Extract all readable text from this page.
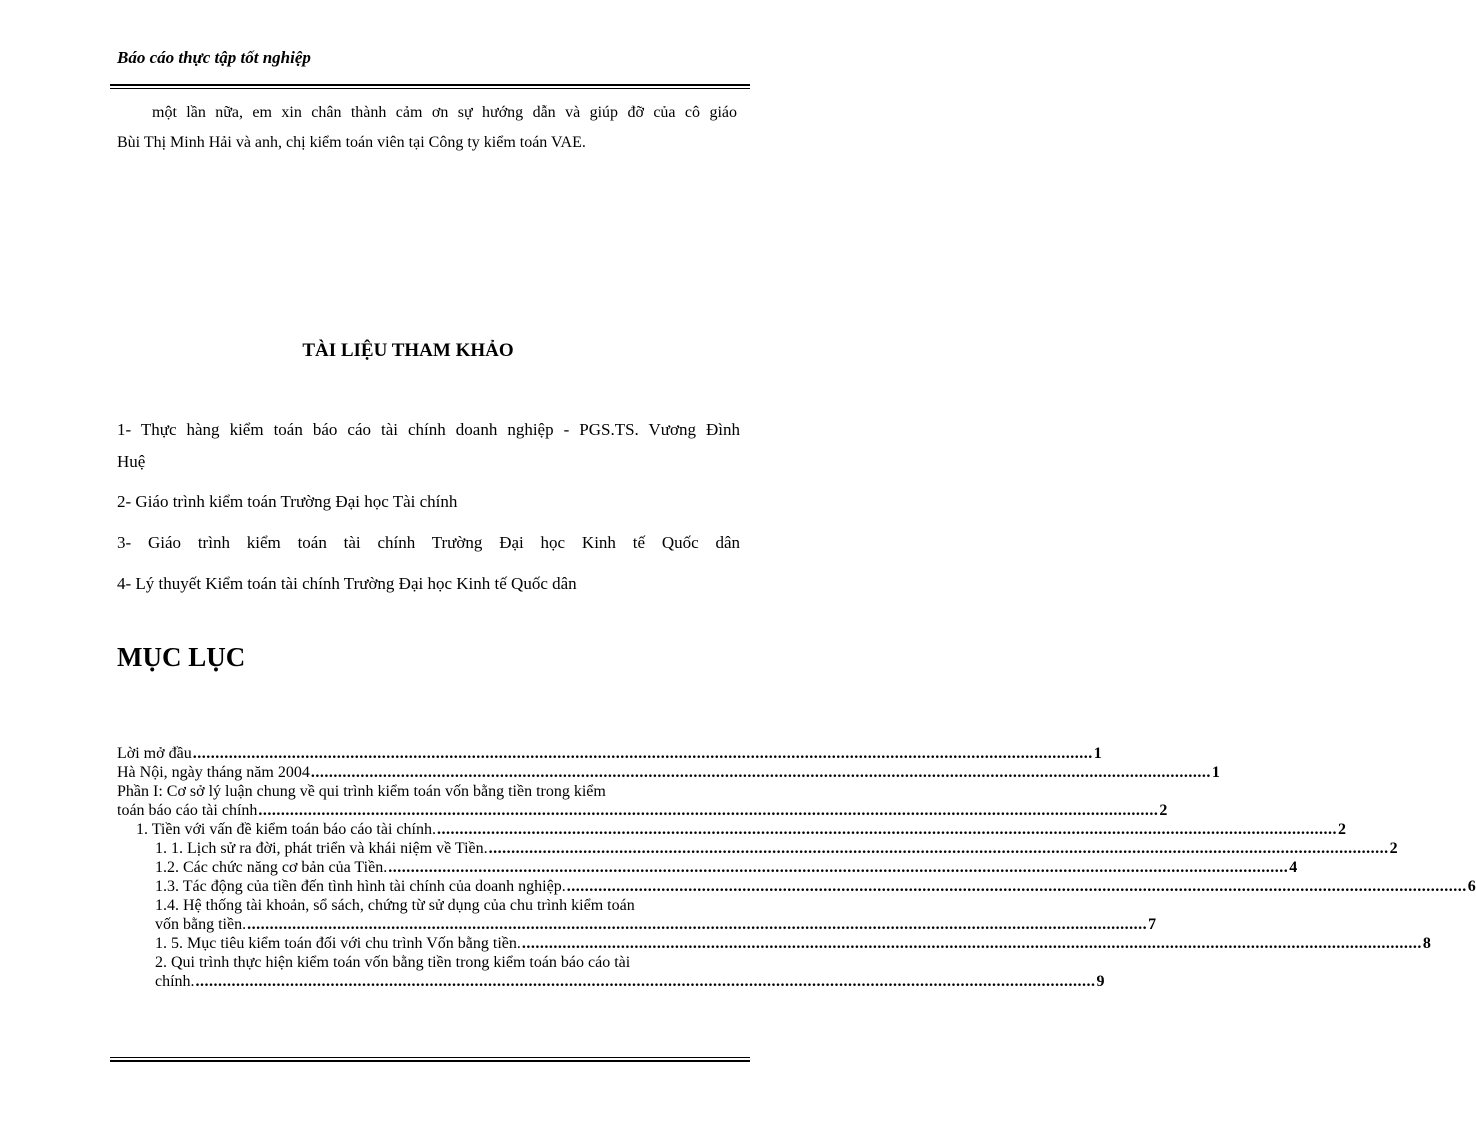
Báo cáo thực tập tốt nghiệp
một lần nữa, em xin chân thành cảm ơn sự hướng dẫn và giúp đỡ của cô giáo
Bùi Thị Minh Hải và anh, chị kiểm toán viên tại Công ty kiểm toán VAE.
TÀI LIỆU THAM KHẢO
1- Thực hàng kiểm toán báo cáo tài chính doanh nghiệp - PGS.TS. Vương Đình
Huệ
2- Giáo trình kiểm toán Trường Đại học Tài chính
3- Giáo trình kiểm toán tài chính Trường Đại học Kinh tế Quốc dân
4- Lý thuyết Kiểm toán tài chính Trường Đại học Kinh tế Quốc dân
MỤC LỤC
Lời mở đầu ........................................................................................................................................................................................................ 1
Hà Nội, ngày tháng năm 2004 ........................................................................................................................................................................................................ 1
Phần I: Cơ sở lý luận chung về qui trình kiểm toán vốn bằng tiền trong kiểm
toán báo cáo tài chính ........................................................................................................................................................................................................ 2
1. Tiền với vấn đề kiểm toán báo cáo tài chính. ........................................................................................................................................................................................................ 2
1. 1. Lịch sử ra đời, phát triển và khái niệm về Tiền. ........................................................................................................................................................................................................ 2
1.2. Các chức năng cơ bản của Tiền. ........................................................................................................................................................................................................ 4
1.3. Tác động của tiền đến tình hình tài chính của doanh nghiệp. ........................................................................................................................................................................................................ 6
1.4. Hệ thống tài khoản, sổ sách, chứng từ sử dụng của chu trình kiểm toán
vốn bằng tiền. ........................................................................................................................................................................................................ 7
1. 5. Mục tiêu kiểm toán đối với chu trình Vốn bằng tiền. ........................................................................................................................................................................................................ 8
2. Qui trình thực hiện kiểm toán vốn bằng tiền trong kiểm toán báo cáo tài
chính. ........................................................................................................................................................................................................ 9
